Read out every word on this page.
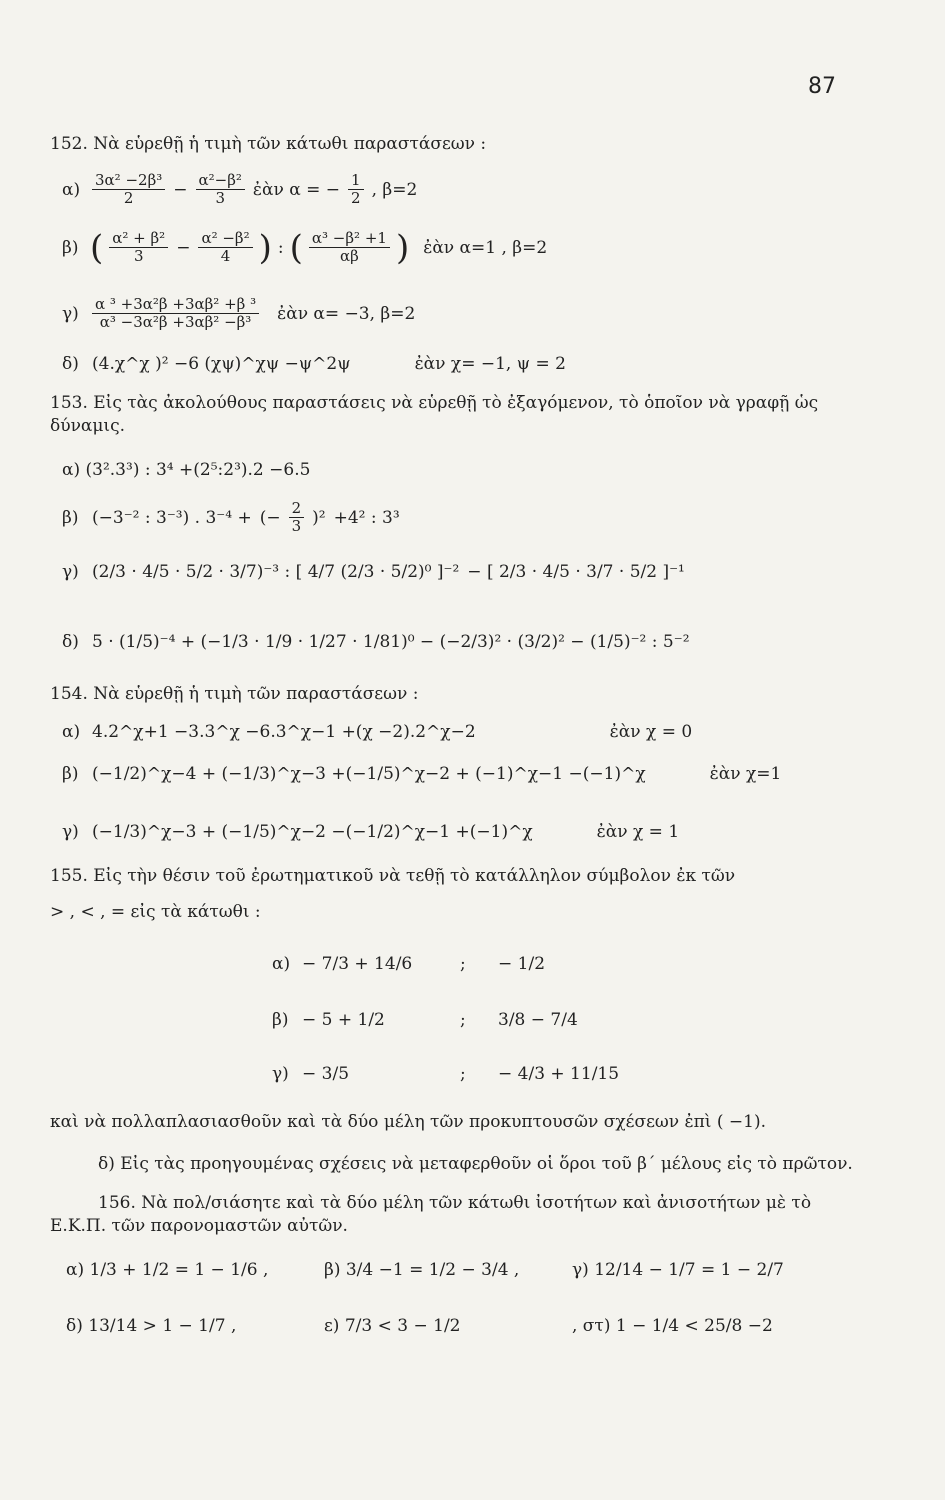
87
152. Νὰ εὑρεθῇ ἡ τιμὴ τῶν κάτωθι παραστάσεων :
$\alpha) \frac{\text{3α² −2β³}}{2} - \frac{\text{α²−β²}}{3}$ ἐὰν α = − $\frac{1}{2}$ , β=2
β) ( $\frac{\text{α² + β²}}{3} - \frac{\text{α² −β²}}{4}$ ) : ( $\frac{\text{α³ −β² +1}}{\alpha\beta}$ ) ἐὰν α=1 , β=2
$\gamma) \frac{\text{α ³ +3α²β +3αβ² +β ³}}{\text{α³ −3α²β +3αβ² −β³}}$ ἐὰν α= −3, β=2
δ) (4.χ^χ )² −6 (χψ)^χψ −ψ^2ψ	ἐὰν χ= −1, ψ = 2
153. Εἰς τὰς ἀκολούθους παραστάσεις νὰ εὑρεθῇ τὸ ἐξαγόμενον, τὸ ὁποῖον νὰ γραφῇ ὡς δύναμις.
α) (3².3³) : 3⁴ +(2⁵:2³).2 −6.5
β) (−3⁻² : 3⁻³) . 3⁻⁴ + (− $\frac{2}{3} )^2 +4^2$ : 3³
γ) (2/3 · 4/5 · 5/2 · 3/7)⁻³ : [ 4/7 (2/3 · 5/2)⁰ ]⁻² − [ 2/3 · 4/5 · 3/7 · 5/2 ]⁻¹
δ) 5 · (1/5)⁻⁴ + (−1/3 · 1/9 · 1/27 · 1/81)⁰ − (−2/3)² · (3/2)² − (1/5)⁻² : 5⁻²
154. Νὰ εὑρεθῇ ἡ τιμὴ τῶν παραστάσεων :
α) 4.2^χ+1 −3.3^χ −6.3^χ−1 +(χ −2).2^χ−2	ἐὰν χ = 0
β) (−1/2)^χ−4 + (−1/3)^χ−3 +(−1/5)^χ−2 + (−1)^χ−1 −(−1)^χ	ἐὰν χ=1
γ) (−1/3)^χ−3 + (−1/5)^χ−2 −(−1/2)^χ−1 +(−1)^χ	ἐὰν χ = 1
155. Εἰς τὴν θέσιν τοῦ ἐρωτηματικοῦ νὰ τεθῇ τὸ κατάλληλον σύμβολον ἐκ τῶν
> , < , = εἰς τὰ κάτωθι :
α) − 7/3 + 14/6	;	− 1/2
β) − 5 + 1/2	;	3/8 − 7/4
γ) − 3/5	;	− 4/3 + 11/15
καὶ νὰ πολλαπλασιασθοῦν καὶ τὰ δύο μέλη τῶν προκυπτουσῶν σχέσεων ἐπὶ ( −1).
δ) Εἰς τὰς προηγουμένας σχέσεις νὰ μεταφερθοῦν οἱ ὅροι τοῦ β΄ μέλους εἰς τὸ πρῶτον.
156. Νὰ πολ/σιάσητε καὶ τὰ δύο μέλη τῶν κάτωθι ἰσοτήτων καὶ ἀνισοτήτων μὲ τὸ Ε.Κ.Π. τῶν παρονομαστῶν αὐτῶν.
α) 1/3 + 1/2 = 1 − 1/6 ,	β) 3/4 −1 = 1/2 − 3/4 ,	γ) 12/14 − 1/7 = 1 − 2/7
δ) 13/14 > 1 − 1/7 ,	ε) 7/3 < 3 − 1/2	, στ) 1 − 1/4 < 25/8 −2
